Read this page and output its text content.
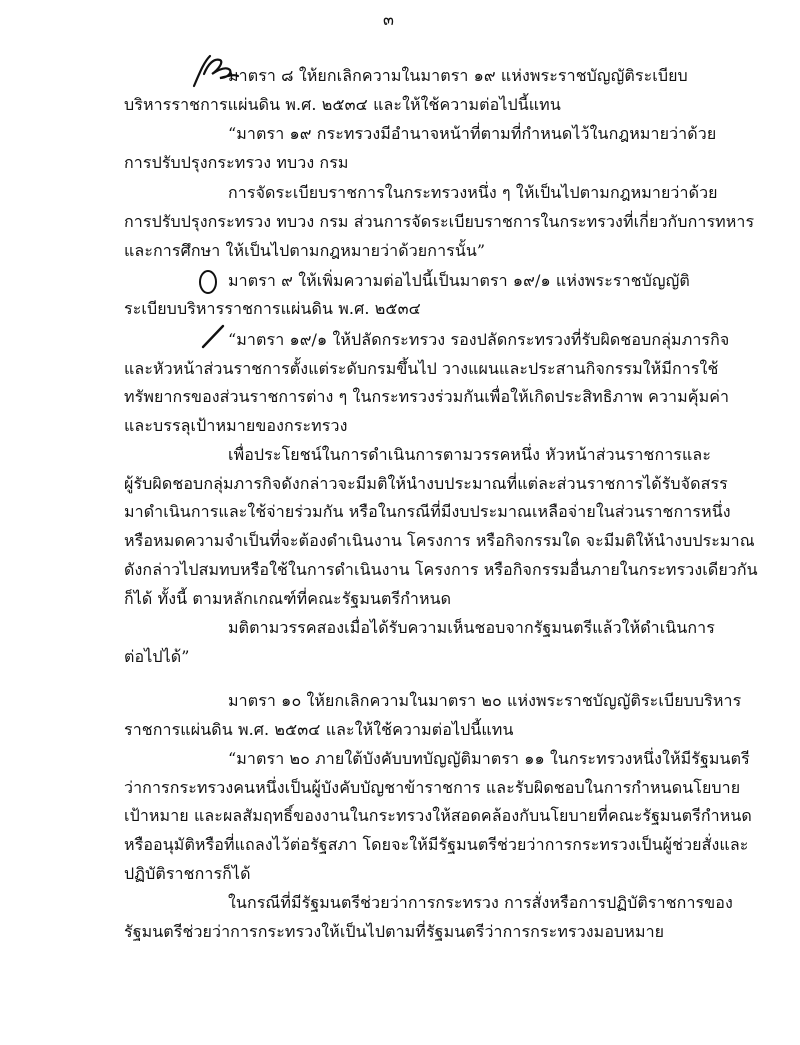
๓
มาตรา ๘ ให้ยกเลิกความในมาตรา ๑๙ แห่งพระราชบัญญัติระเบียบ
บริหารราชการแผ่นดิน พ.ศ. ๒๕๓๔ และให้ใช้ความต่อไปนี้แทน
“มาตรา ๑๙ กระทรวงมีอำนาจหน้าที่ตามที่กำหนดไว้ในกฎหมายว่าด้วย
การปรับปรุงกระทรวง ทบวง กรม
การจัดระเบียบราชการในกระทรวงหนึ่ง ๆ ให้เป็นไปตามกฎหมายว่าด้วย
การปรับปรุงกระทรวง ทบวง กรม ส่วนการจัดระเบียบราชการในกระทรวงที่เกี่ยวกับการทหาร
และการศึกษา ให้เป็นไปตามกฎหมายว่าด้วยการนั้น”
มาตรา ๙ ให้เพิ่มความต่อไปนี้เป็นมาตรา ๑๙/๑ แห่งพระราชบัญญัติ
ระเบียบบริหารราชการแผ่นดิน พ.ศ. ๒๕๓๔
“มาตรา ๑๙/๑ ให้ปลัดกระทรวง รองปลัดกระทรวงที่รับผิดชอบกลุ่มภารกิจ
และหัวหน้าส่วนราชการตั้งแต่ระดับกรมขึ้นไป วางแผนและประสานกิจกรรมให้มีการใช้
ทรัพยากรของส่วนราชการต่าง ๆ ในกระทรวงร่วมกันเพื่อให้เกิดประสิทธิภาพ ความคุ้มค่า
และบรรลุเป้าหมายของกระทรวง
เพื่อประโยชน์ในการดำเนินการตามวรรคหนึ่ง หัวหน้าส่วนราชการและ
ผู้รับผิดชอบกลุ่มภารกิจดังกล่าวจะมีมติให้นำงบประมาณที่แต่ละส่วนราชการได้รับจัดสรร
มาดำเนินการและใช้จ่ายร่วมกัน หรือในกรณีที่มีงบประมาณเหลือจ่ายในส่วนราชการหนึ่ง
หรือหมดความจำเป็นที่จะต้องดำเนินงาน โครงการ หรือกิจกรรมใด จะมีมติให้นำงบประมาณ
ดังกล่าวไปสมทบหรือใช้ในการดำเนินงาน โครงการ หรือกิจกรรมอื่นภายในกระทรวงเดียวกัน
ก็ได้ ทั้งนี้ ตามหลักเกณฑ์ที่คณะรัฐมนตรีกำหนด
มติตามวรรคสองเมื่อได้รับความเห็นชอบจากรัฐมนตรีแล้วให้ดำเนินการ
ต่อไปได้”
มาตรา ๑๐ ให้ยกเลิกความในมาตรา ๒๐ แห่งพระราชบัญญัติระเบียบบริหาร
ราชการแผ่นดิน พ.ศ. ๒๕๓๔ และให้ใช้ความต่อไปนี้แทน
“มาตรา ๒๐ ภายใต้บังคับบทบัญญัติมาตรา ๑๑ ในกระทรวงหนึ่งให้มีรัฐมนตรี
ว่าการกระทรวงคนหนึ่งเป็นผู้บังคับบัญชาข้าราชการ และรับผิดชอบในการกำหนดนโยบาย
เป้าหมาย และผลสัมฤทธิ์ของงานในกระทรวงให้สอดคล้องกับนโยบายที่คณะรัฐมนตรีกำหนด
หรืออนุมัติหรือที่แถลงไว้ต่อรัฐสภา โดยจะให้มีรัฐมนตรีช่วยว่าการกระทรวงเป็นผู้ช่วยสั่งและ
ปฏิบัติราชการก็ได้
ในกรณีที่มีรัฐมนตรีช่วยว่าการกระทรวง การสั่งหรือการปฏิบัติราชการของ
รัฐมนตรีช่วยว่าการกระทรวงให้เป็นไปตามที่รัฐมนตรีว่าการกระทรวงมอบหมาย
